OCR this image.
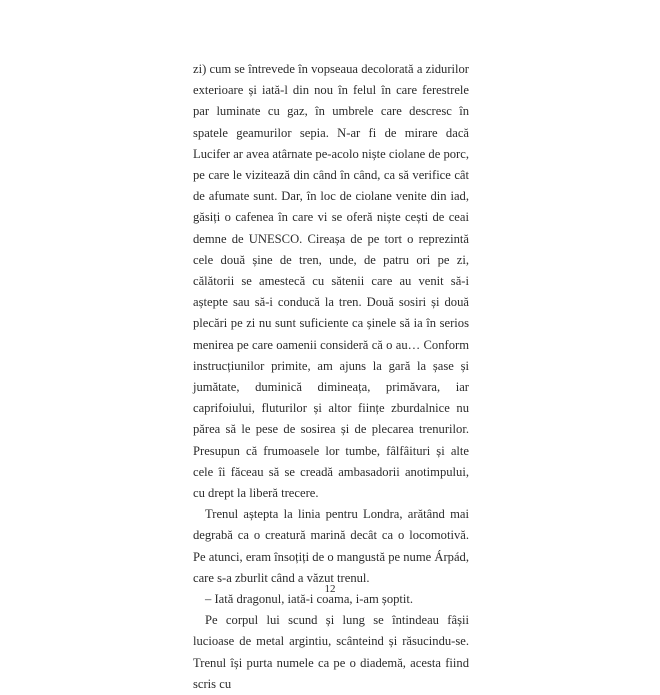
zi) cum se întrevede în vopseaua decolorată a zidurilor exterioare și iată-l din nou în felul în care ferestrele par luminate cu gaz, în umbrele care descresc în spatele geamurilor sepia. N-ar fi de mirare dacă Lucifer ar avea atârnate pe-acolo niște ciolane de porc, pe care le vizitează din când în când, ca să verifice cât de afumate sunt. Dar, în loc de ciolane venite din iad, găsiți o cafenea în care vi se oferă niște cești de ceai demne de UNESCO. Cireașa de pe tort o reprezintă cele două șine de tren, unde, de patru ori pe zi, călătorii se amestecă cu sătenii care au venit să-i aștepte sau să-i conducă la tren. Două sosiri și două plecări pe zi nu sunt suficiente ca șinele să ia în serios menirea pe care oamenii consideră că o au… Conform instrucțiunilor primite, am ajuns la gară la șase și jumătate, duminică dimineața, primăvara, iar caprifoiului, fluturilor și altor ființe zburdalnice nu părea să le pese de sosirea și de plecarea trenurilor. Presupun că frumoasele lor tumbe, fâlfâituri și alte cele îi făceau să se creadă ambasadorii anotimpului, cu drept la liberă trecere.

Trenul aștepta la linia pentru Londra, arătând mai degrabă ca o creatură marină decât ca o locomotivă. Pe atunci, eram însoțiți de o mangustă pe nume Árpád, care s-a zburlit când a văzut trenul.

– Iată dragonul, iată-i coama, i-am șoptit.

Pe corpul lui scund și lung se întindeau fâșii lucioase de metal argintiu, scânteind și răsucindu-se. Trenul își purta numele ca pe o diademă, acesta fiind scris cu

12
